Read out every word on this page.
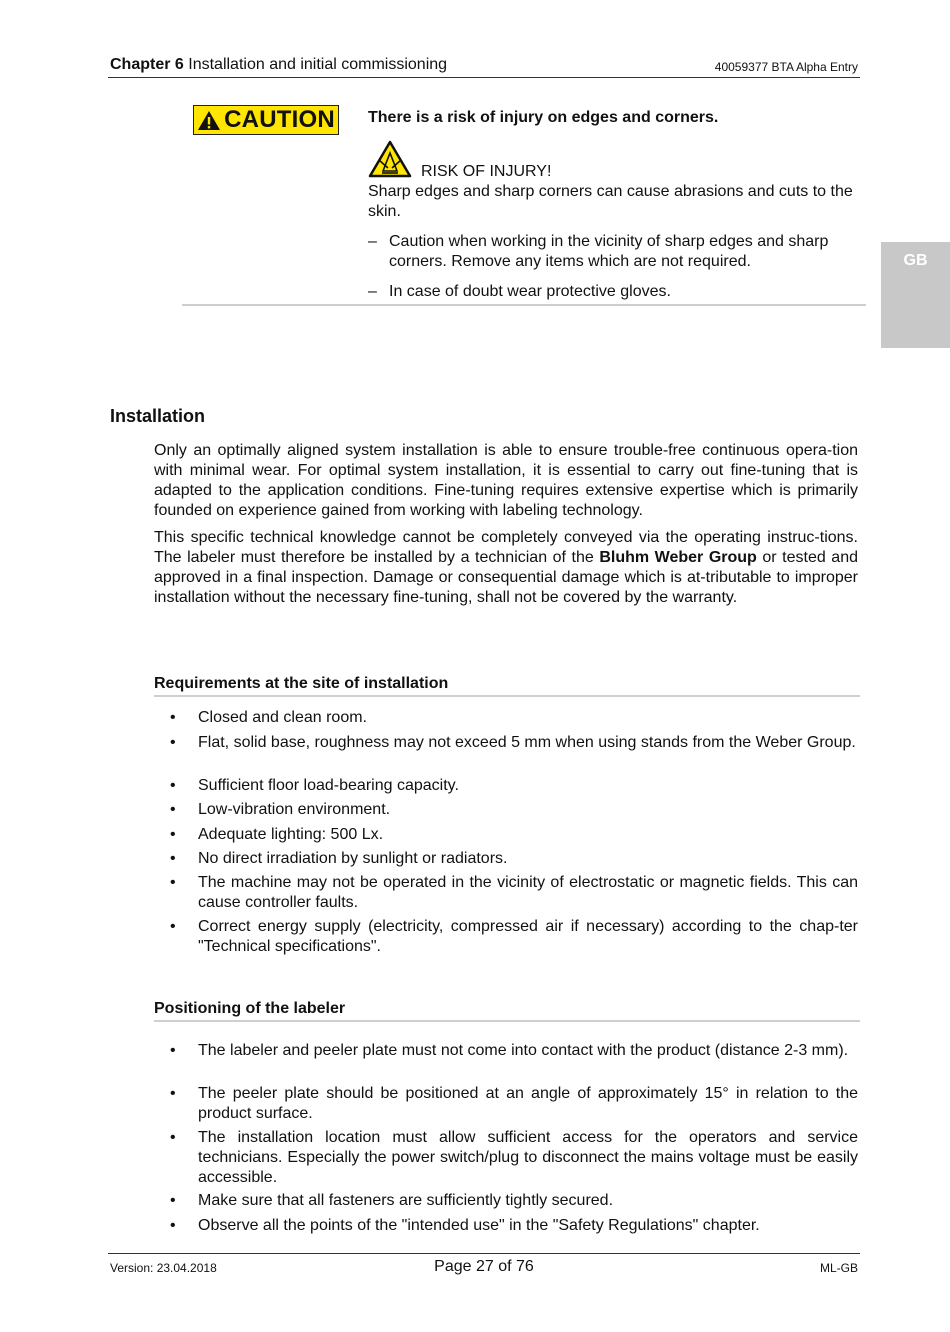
Chapter 6 Installation and initial commissioning	40059377 BTA Alpha Entry
GB
CAUTION There is a risk of injury on edges and corners.
RISK OF INJURY!
Sharp edges and sharp corners can cause abrasions and cuts to the skin.
– Caution when working in the vicinity of sharp edges and sharp corners. Remove any items which are not required.
– In case of doubt wear protective gloves.
Installation
Only an optimally aligned system installation is able to ensure trouble-free continuous opera-tion with minimal wear. For optimal system installation, it is essential to carry out fine-tuning that is adapted to the application conditions. Fine-tuning requires extensive expertise which is primarily founded on experience gained from working with labeling technology.
This specific technical knowledge cannot be completely conveyed via the operating instruc-tions. The labeler must therefore be installed by a technician of the Bluhm Weber Group or tested and approved in a final inspection. Damage or consequential damage which is at-tributable to improper installation without the necessary fine-tuning, shall not be covered by the warranty.
Requirements at the site of installation
• Closed and clean room.
• Flat, solid base, roughness may not exceed 5 mm when using stands from the Weber Group.
• Sufficient floor load-bearing capacity.
• Low-vibration environment.
• Adequate lighting: 500 Lx.
• No direct irradiation by sunlight or radiators.
• The machine may not be operated in the vicinity of electrostatic or magnetic fields. This can cause controller faults.
• Correct energy supply (electricity, compressed air if necessary) according to the chap-ter "Technical specifications".
Positioning of the labeler
• The labeler and peeler plate must not come into contact with the product (distance 2-3 mm).
• The peeler plate should be positioned at an angle of approximately 15° in relation to the product surface.
• The installation location must allow sufficient access for the operators and service technicians. Especially the power switch/plug to disconnect the mains voltage must be easily accessible.
• Make sure that all fasteners are sufficiently tightly secured.
• Observe all the points of the "intended use" in the "Safety Regulations" chapter.
Version: 23.04.2018	Page 27 of 76	ML-GB
